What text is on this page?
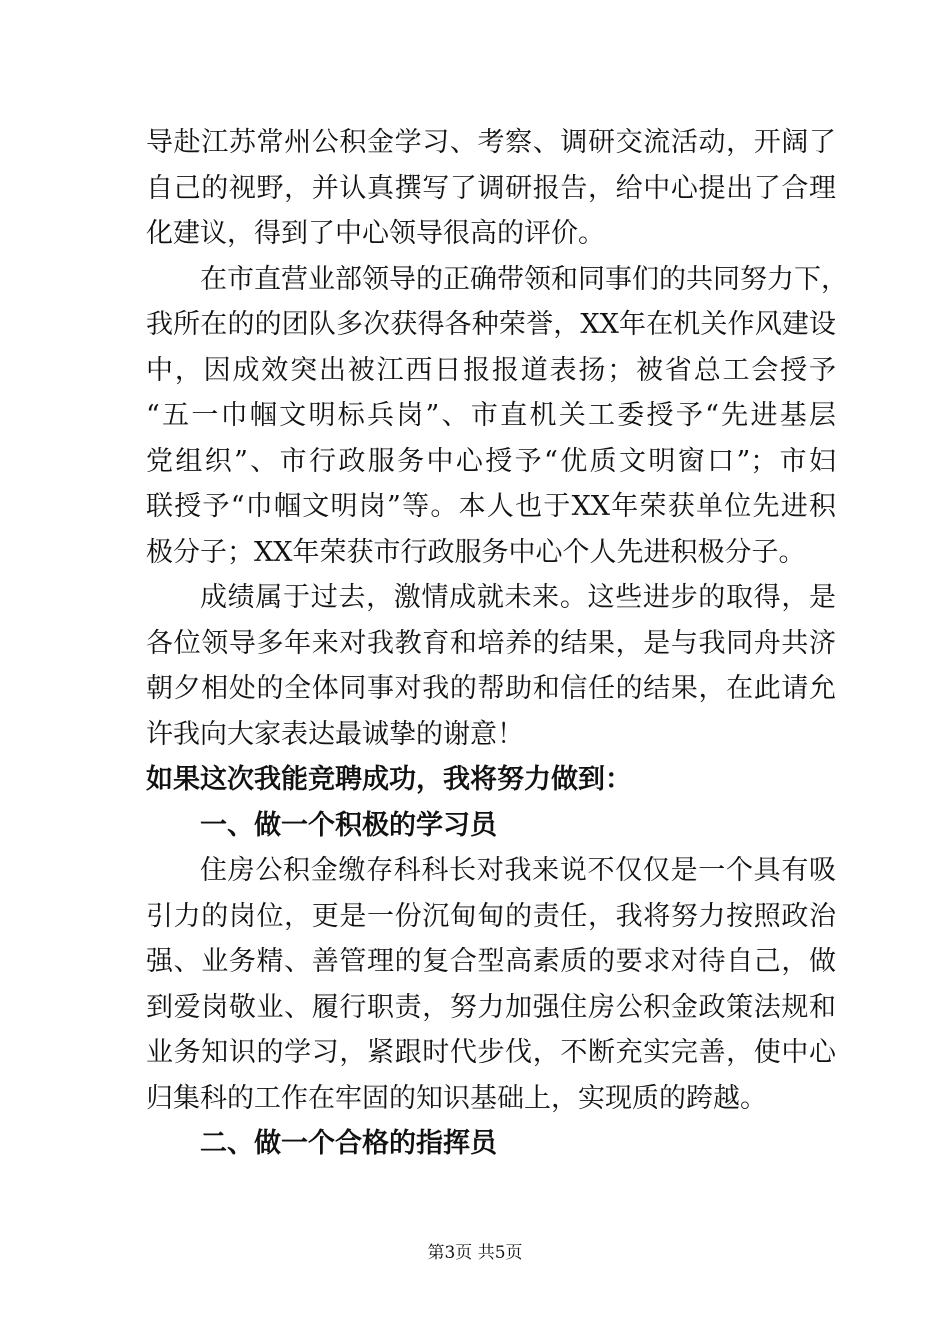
导赴江苏常州公积金学习、考察、调研交流活动，开阔了
自己的视野，并认真撰写了调研报告，给中心提出了合理
化建议，得到了中心领导很高的评价。
在市直营业部领导的正确带领和同事们的共同努力下，
我所在的的团队多次获得各种荣誉，XX年在机关作风建设
中，因成效突出被江西日报报道表扬；被省总工会授予
“五一巾帼文明标兵岗”、市直机关工委授予“先进基层
党组织”、市行政服务中心授予“优质文明窗口”；市妇
联授予“巾帼文明岗”等。本人也于XX年荣获单位先进积
极分子；XX年荣获市行政服务中心个人先进积极分子。
成绩属于过去，激情成就未来。这些进步的取得，是
各位领导多年来对我教育和培养的结果，是与我同舟共济
朝夕相处的全体同事对我的帮助和信任的结果，在此请允
许我向大家表达最诚挚的谢意！
如果这次我能竞聘成功，我将努力做到：
一、做一个积极的学习员
住房公积金缴存科科长对我来说不仅仅是一个具有吸
引力的岗位，更是一份沉甸甸的责任，我将努力按照政治
强、业务精、善管理的复合型高素质的要求对待自己，做
到爱岗敬业、履行职责，努力加强住房公积金政策法规和
业务知识的学习，紧跟时代步伐，不断充实完善，使中心
归集科的工作在牢固的知识基础上，实现质的跨越。
二、做一个合格的指挥员
第3页 共5页
